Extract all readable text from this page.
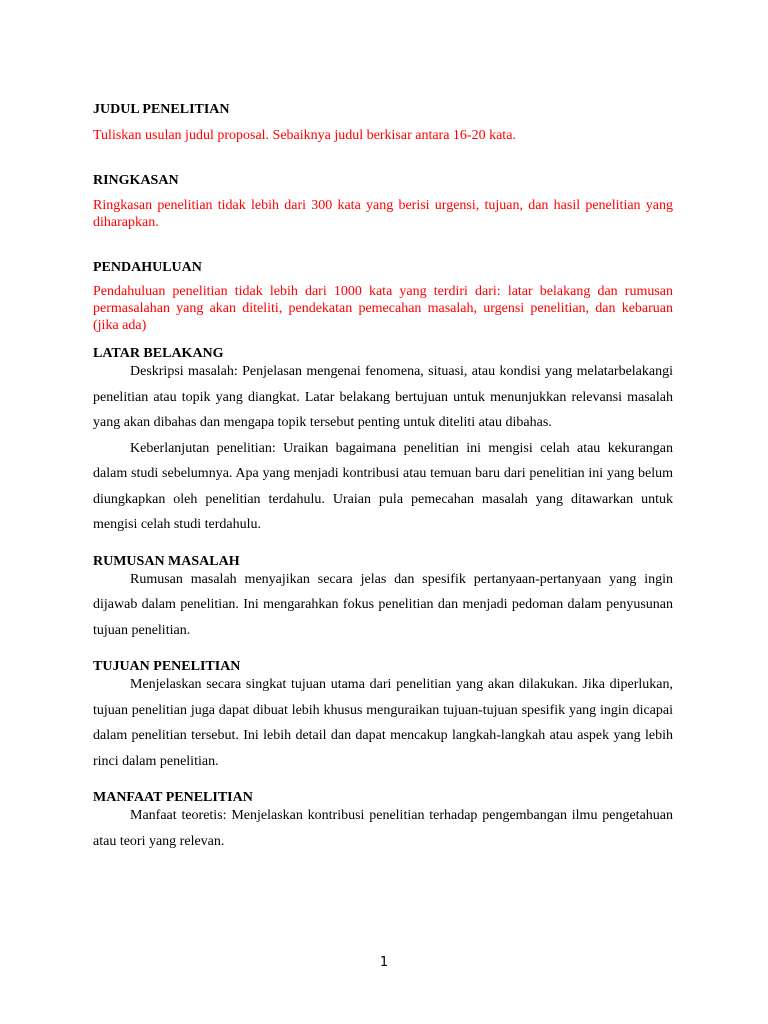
JUDUL PENELITIAN

Tuliskan usulan judul proposal. Sebaiknya judul berkisar antara 16-20 kata.

RINGKASAN

Ringkasan penelitian tidak lebih dari 300 kata yang berisi urgensi, tujuan, dan hasil penelitian yang diharapkan.

PENDAHULUAN

Pendahuluan penelitian tidak lebih dari 1000 kata yang terdiri dari: latar belakang dan rumusan permasalahan yang akan diteliti, pendekatan pemecahan masalah, urgensi penelitian, dan kebaruan (jika ada)

LATAR BELAKANG

Deskripsi masalah: Penjelasan mengenai fenomena, situasi, atau kondisi yang melatarbelakangi penelitian atau topik yang diangkat. Latar belakang bertujuan untuk menunjukkan relevansi masalah yang akan dibahas dan mengapa topik tersebut penting untuk diteliti atau dibahas.

Keberlanjutan penelitian: Uraikan bagaimana penelitian ini mengisi celah atau kekurangan dalam studi sebelumnya. Apa yang menjadi kontribusi atau temuan baru dari penelitian ini yang belum diungkapkan oleh penelitian terdahulu. Uraian pula pemecahan masalah yang ditawarkan untuk mengisi celah studi terdahulu.

RUMUSAN MASALAH

Rumusan masalah menyajikan secara jelas dan spesifik pertanyaan-pertanyaan yang ingin dijawab dalam penelitian. Ini mengarahkan fokus penelitian dan menjadi pedoman dalam penyusunan tujuan penelitian.

TUJUAN PENELITIAN

Menjelaskan secara singkat tujuan utama dari penelitian yang akan dilakukan. Jika diperlukan, tujuan penelitian juga dapat dibuat lebih khusus menguraikan tujuan-tujuan spesifik yang ingin dicapai dalam penelitian tersebut. Ini lebih detail dan dapat mencakup langkah-langkah atau aspek yang lebih rinci dalam penelitian.

MANFAAT PENELITIAN

Manfaat teoretis: Menjelaskan kontribusi penelitian terhadap pengembangan ilmu pengetahuan atau teori yang relevan.

1
